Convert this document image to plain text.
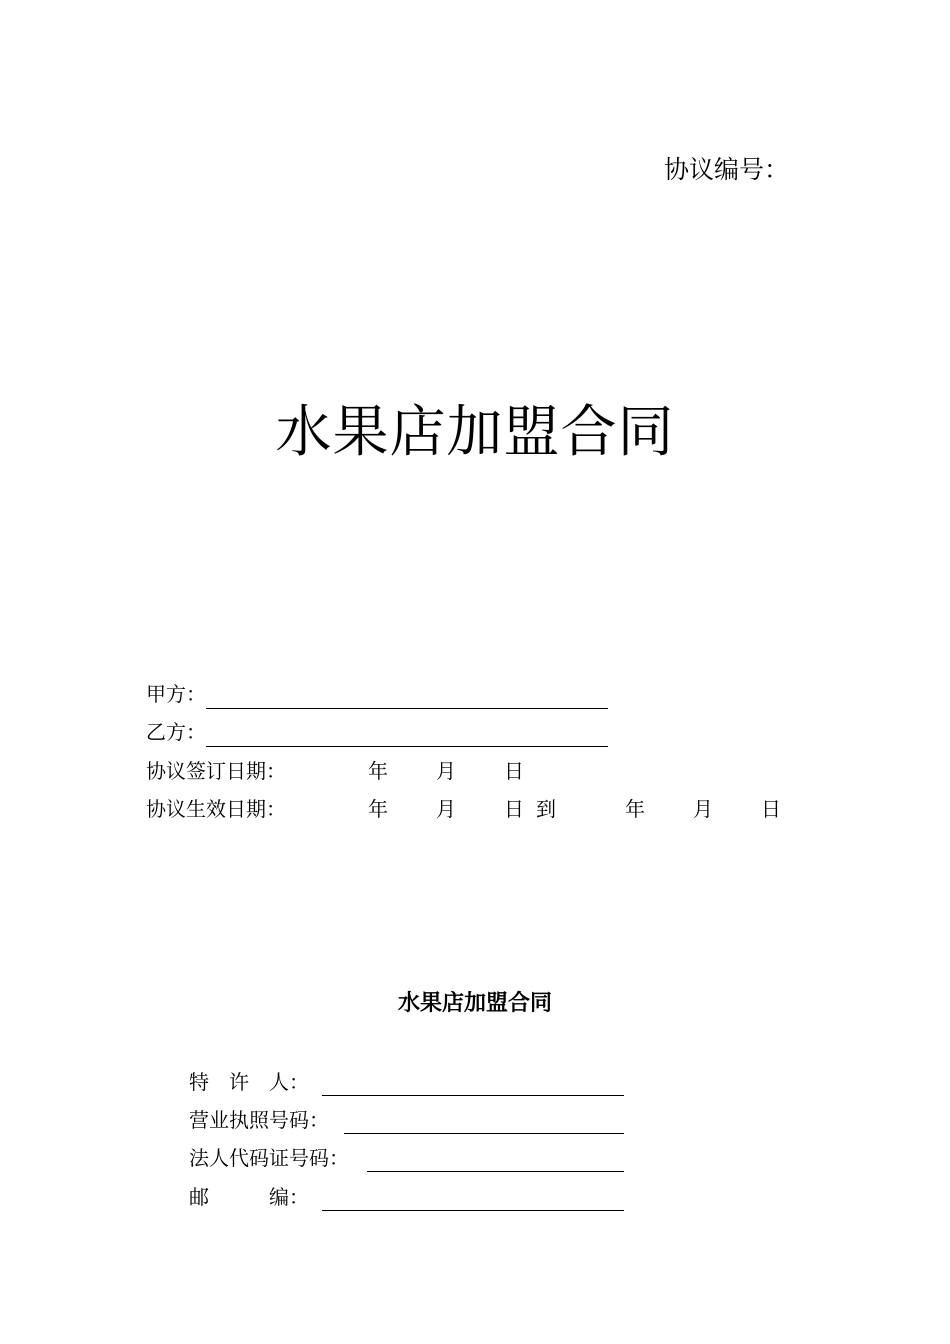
协议编号：
水果店加盟合同
甲方：
乙方：
协议签订日期：	年 月 日
协议生效日期：	年 月 日 到	年 月 日
水果店加盟合同
特　许　人：
营业执照号码：
法人代码证号码：
邮　　　编：
